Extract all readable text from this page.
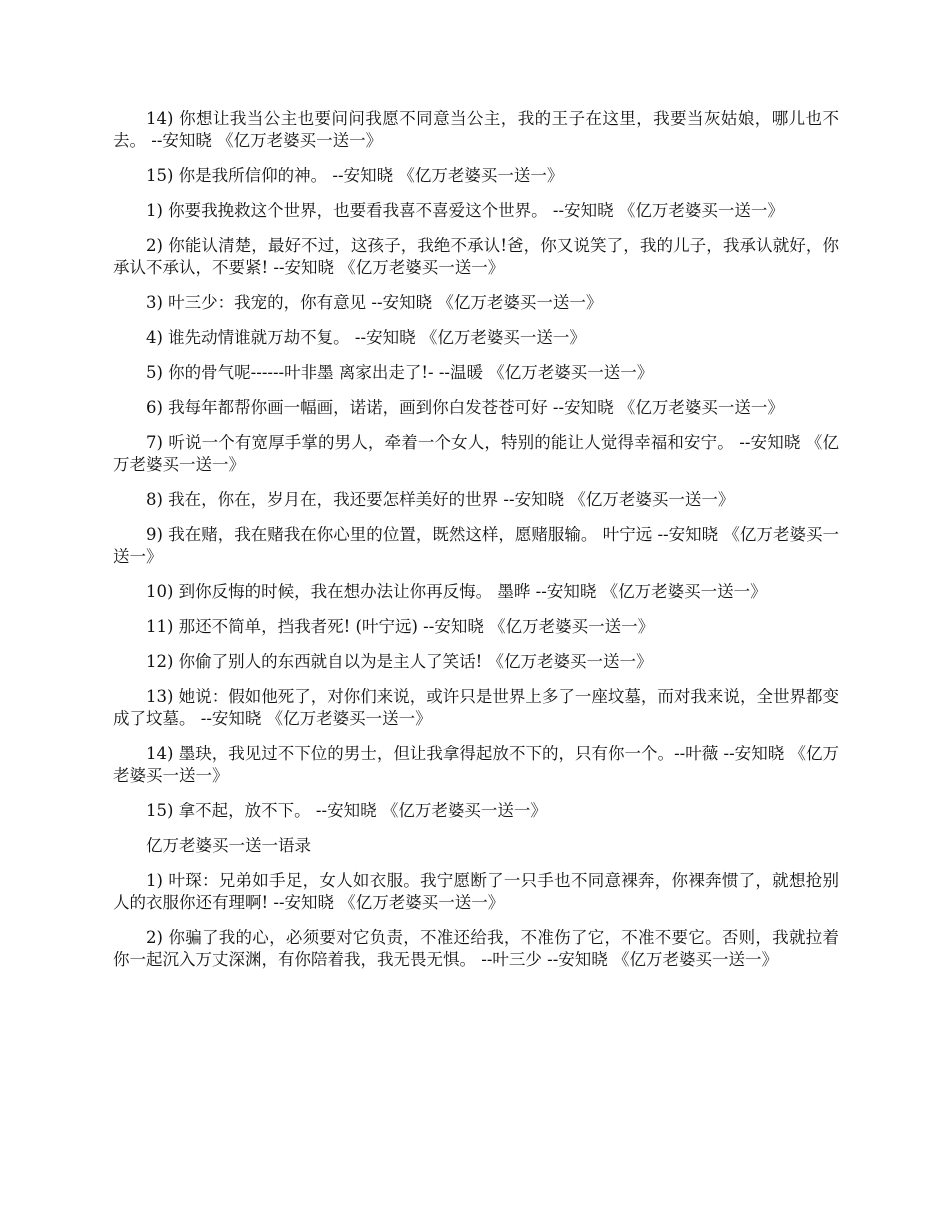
14) 你想让我当公主也要问问我愿不同意当公主，我的王子在这里，我要当灰姑娘，哪儿也不去。 --安知晓 《亿万老婆买一送一》

15) 你是我所信仰的神。 --安知晓 《亿万老婆买一送一》

1) 你要我挽救这个世界，也要看我喜不喜爱这个世界。 --安知晓 《亿万老婆买一送一》

2) 你能认清楚，最好不过，这孩子，我绝不承认!爸，你又说笑了，我的儿子，我承认就好，你承认不承认，不要紧! --安知晓 《亿万老婆买一送一》

3) 叶三少：我宠的，你有意见 --安知晓 《亿万老婆买一送一》

4) 谁先动情谁就万劫不复。 --安知晓 《亿万老婆买一送一》

5) 你的骨气呢------叶非墨 离家出走了!- --温暖 《亿万老婆买一送一》

6) 我每年都帮你画一幅画，诺诺，画到你白发苍苍可好 --安知晓 《亿万老婆买一送一》

7) 听说一个有宽厚手掌的男人，牵着一个女人，特别的能让人觉得幸福和安宁。 --安知晓 《亿万老婆买一送一》

8) 我在，你在，岁月在，我还要怎样美好的世界 --安知晓 《亿万老婆买一送一》

9) 我在赌，我在赌我在你心里的位置，既然这样，愿赌服输。 叶宁远 --安知晓 《亿万老婆买一送一》

10) 到你反悔的时候，我在想办法让你再反悔。 墨晔 --安知晓 《亿万老婆买一送一》

11) 那还不简单，挡我者死! (叶宁远) --安知晓 《亿万老婆买一送一》

12) 你偷了别人的东西就自以为是主人了笑话! 《亿万老婆买一送一》

13) 她说：假如他死了，对你们来说，或许只是世界上多了一座坟墓，而对我来说，全世界都变成了坟墓。 --安知晓 《亿万老婆买一送一》

14) 墨玦，我见过不下位的男士，但让我拿得起放不下的，只有你一个。--叶薇 --安知晓 《亿万老婆买一送一》

15) 拿不起，放不下。 --安知晓 《亿万老婆买一送一》

亿万老婆买一送一语录

1) 叶琛：兄弟如手足，女人如衣服。我宁愿断了一只手也不同意裸奔，你裸奔惯了，就想抢别人的衣服你还有理啊! --安知晓 《亿万老婆买一送一》

2) 你骗了我的心，必须要对它负责，不准还给我，不准伤了它，不准不要它。否则，我就拉着你一起沉入万丈深渊，有你陪着我，我无畏无惧。 --叶三少 --安知晓 《亿万老婆买一送一》
